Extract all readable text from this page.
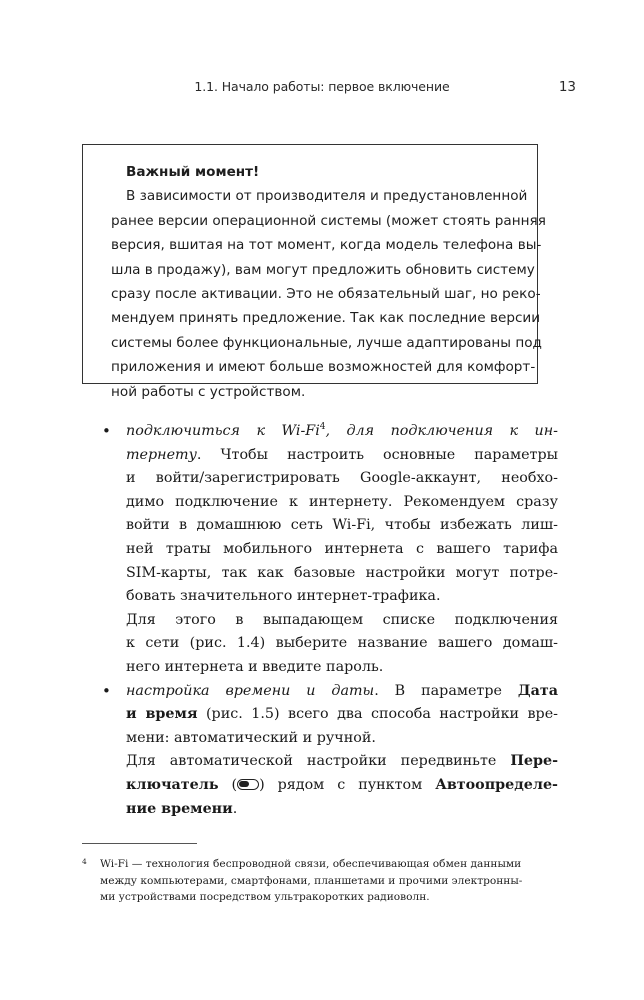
1.1. Начало работы: первое включение	13
Важный момент!
В зависимости от производителя и предустановленной
ранее версии операционной системы (может стоять ранняя
версия, вшитая на тот момент, когда модель телефона вы-
шла в продажу), вам могут предложить обновить систему
сразу после активации. Это не обязательный шаг, но реко-
мендуем принять предложение. Так как последние версии
системы более функциональные, лучше адаптированы под
приложения и имеют больше возможностей для комфорт-
ной работы с устройством.
• подключиться к Wi-Fi$^4$, для подключения к ин-
тернету. Чтобы настроить основные параметры
и войти/зарегистрировать Google-аккаунт, необхо-
димо подключение к интернету. Рекомендуем сразу
войти в домашнюю сеть Wi-Fi, чтобы избежать лиш-
ней траты мобильного интернета с вашего тарифа
SIM-карты, так как базовые настройки могут потре-
бовать значительного интернет-трафика.
Для этого в выпадающем списке подключения
к сети (рис. 1.4) выберите название вашего домаш-
него интернета и введите пароль.
• настройка времени и даты. В параметре Дата
и время (рис. 1.5) всего два способа настройки вре-
мени: автоматический и ручной.
Для автоматической настройки передвиньте Пере-
ключатель ( ) рядом с пунктом Автоопределе-
ние времени.
4 Wi-Fi — технология беспроводной связи, обеспечивающая обмен данными
между компьютерами, смартфонами, планшетами и прочими электронны-
ми устройствами посредством ультракоротких радиоволн.
